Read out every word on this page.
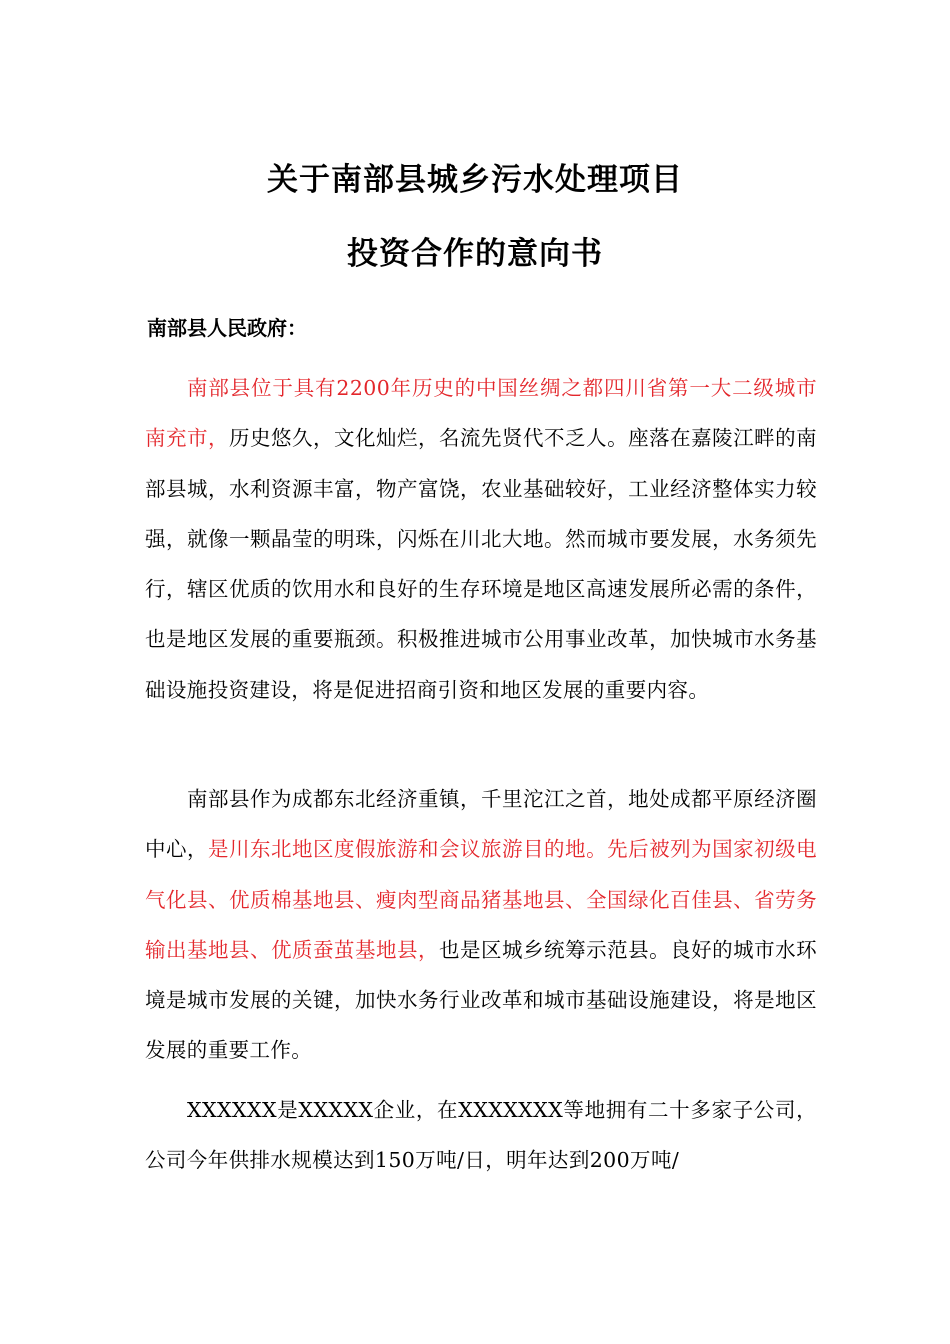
关于南部县城乡污水处理项目
投资合作的意向书

南部县人民政府：

南部县位于具有2200年历史的中国丝绸之都四川省第一大二级城市南充市，历史悠久，文化灿烂，名流先贤代不乏人。座落在嘉陵江畔的南部县城，水利资源丰富，物产富饶，农业基础较好，工业经济整体实力较强，就像一颗晶莹的明珠，闪烁在川北大地。然而城市要发展，水务须先行，辖区优质的饮用水和良好的生存环境是地区高速发展所必需的条件，也是地区发展的重要瓶颈。积极推进城市公用事业改革，加快城市水务基础设施投资建设，将是促进招商引资和地区发展的重要内容。

南部县作为成都东北经济重镇，千里沱江之首，地处成都平原经济圈中心，是川东北地区度假旅游和会议旅游目的地。先后被列为国家初级电气化县、优质棉基地县、瘦肉型商品猪基地县、全国绿化百佳县、省劳务输出基地县、优质蚕茧基地县，也是区城乡统筹示范县。良好的城市水环境是城市发展的关键，加快水务行业改革和城市基础设施建设，将是地区发展的重要工作。

XXXXXX是XXXXX企业，在XXXXXXX等地拥有二十多家子公司，公司今年供排水规模达到150万吨/日，明年达到200万吨/
